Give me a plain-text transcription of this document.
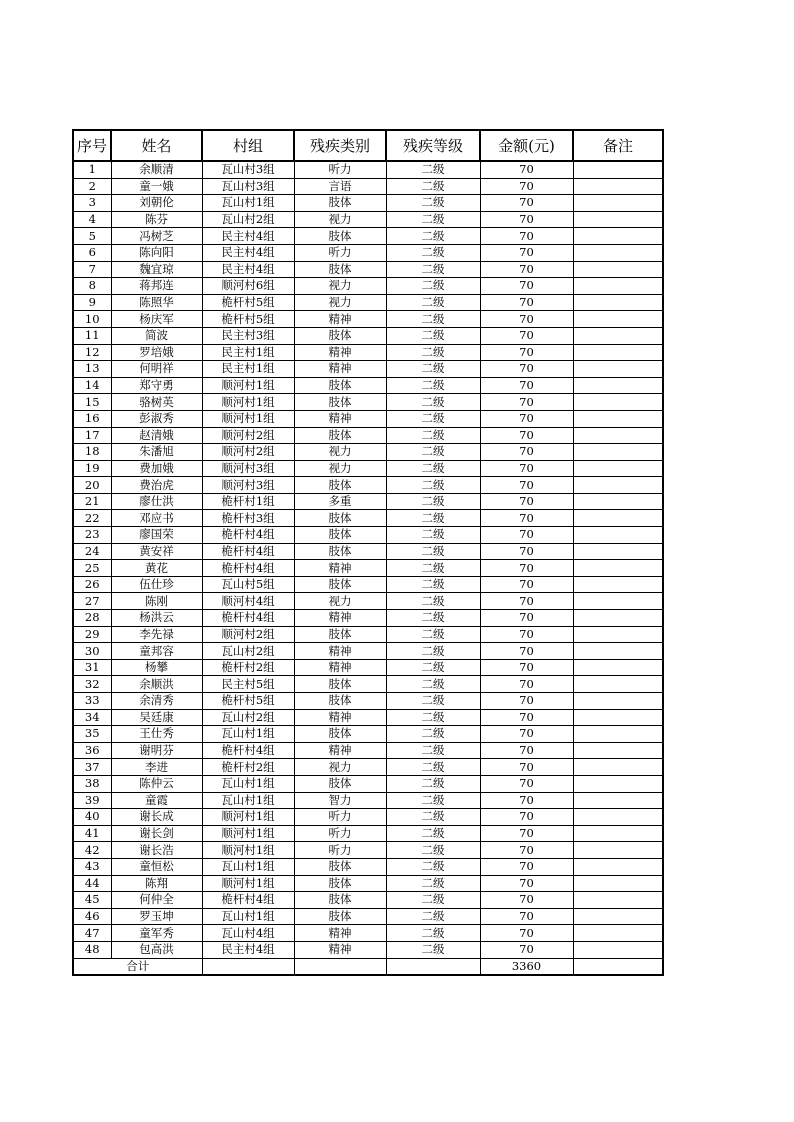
序号	姓名	村组	残疾类别	残疾等级	金额(元)	备注
1	余顺清	瓦山村3组	听力	二级	70	
2	童一娥	瓦山村3组	言语	二级	70	
3	刘朝伦	瓦山村1组	肢体	二级	70	
4	陈芬	瓦山村2组	视力	二级	70	
5	冯树芝	民主村4组	肢体	二级	70	
6	陈向阳	民主村4组	听力	二级	70	
7	魏宜琼	民主村4组	肢体	二级	70	
8	蒋邦连	顺河村6组	视力	二级	70	
9	陈照华	桅杆村5组	视力	二级	70	
10	杨庆军	桅杆村5组	精神	二级	70	
11	简波	民主村3组	肢体	二级	70	
12	罗培娥	民主村1组	精神	二级	70	
13	何明祥	民主村1组	精神	二级	70	
14	郑守勇	顺河村1组	肢体	二级	70	
15	骆树英	顺河村1组	肢体	二级	70	
16	彭淑秀	顺河村1组	精神	二级	70	
17	赵清娥	顺河村2组	肢体	二级	70	
18	朱潘旭	顺河村2组	视力	二级	70	
19	费加娥	顺河村3组	视力	二级	70	
20	费治虎	顺河村3组	肢体	二级	70	
21	廖仕洪	桅杆村1组	多重	二级	70	
22	邓应书	桅杆村3组	肢体	二级	70	
23	廖国荣	桅杆村4组	肢体	二级	70	
24	黄安祥	桅杆村4组	肢体	二级	70	
25	黄花	桅杆村4组	精神	二级	70	
26	伍仕珍	瓦山村5组	肢体	二级	70	
27	陈刚	顺河村4组	视力	二级	70	
28	杨洪云	桅杆村4组	精神	二级	70	
29	李先禄	顺河村2组	肢体	二级	70	
30	童邦容	瓦山村2组	精神	二级	70	
31	杨攀	桅杆村2组	精神	二级	70	
32	余顺洪	民主村5组	肢体	二级	70	
33	余清秀	桅杆村5组	肢体	二级	70	
34	吴廷康	瓦山村2组	精神	二级	70	
35	王仕秀	瓦山村1组	肢体	二级	70	
36	谢明芬	桅杆村4组	精神	二级	70	
37	李进	桅杆村2组	视力	二级	70	
38	陈仲云	瓦山村1组	肢体	二级	70	
39	童霞	瓦山村1组	智力	二级	70	
40	谢长成	顺河村1组	听力	二级	70	
41	谢长剑	顺河村1组	听力	二级	70	
42	谢长浩	顺河村1组	听力	二级	70	
43	童恒松	瓦山村1组	肢体	二级	70	
44	陈翔	顺河村1组	肢体	二级	70	
45	何仲全	桅杆村4组	肢体	二级	70	
46	罗玉坤	瓦山村1组	肢体	二级	70	
47	童军秀	瓦山村4组	精神	二级	70	
48	包高洪	民主村4组	精神	二级	70	
合计					3360	
